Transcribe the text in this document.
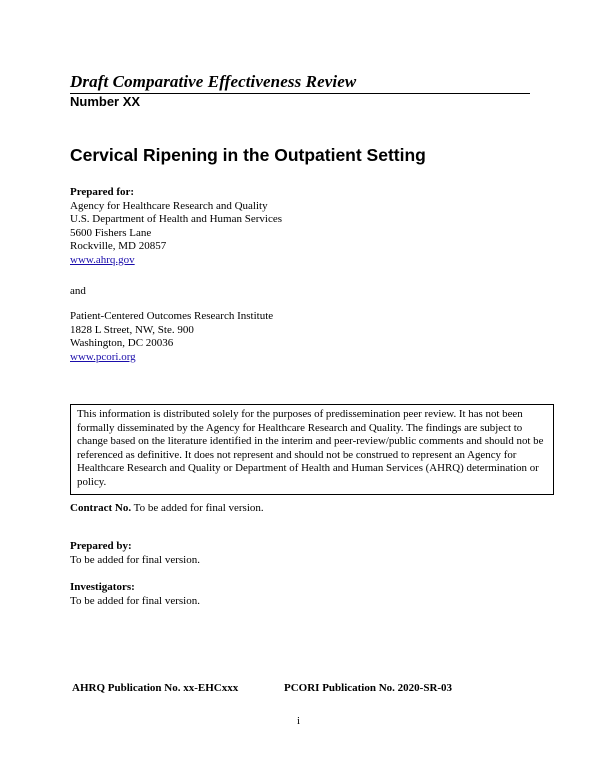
Draft Comparative Effectiveness Review
Number XX
Cervical Ripening in the Outpatient Setting
Prepared for:
Agency for Healthcare Research and Quality
U.S. Department of Health and Human Services
5600 Fishers Lane
Rockville, MD 20857
www.ahrq.gov
and
Patient-Centered Outcomes Research Institute
1828 L Street, NW, Ste. 900
Washington, DC 20036
www.pcori.org
This information is distributed solely for the purposes of predissemination peer review. It has not been formally disseminated by the Agency for Healthcare Research and Quality. The findings are subject to change based on the literature identified in the interim and peer-review/public comments and should not be referenced as definitive. It does not represent and should not be construed to represent an Agency for Healthcare Research and Quality or Department of Health and Human Services (AHRQ) determination or policy.
Contract No. To be added for final version.
Prepared by:
To be added for final version.
Investigators:
To be added for final version.
AHRQ Publication No. xx-EHCxxx	PCORI Publication No. 2020-SR-03
i
